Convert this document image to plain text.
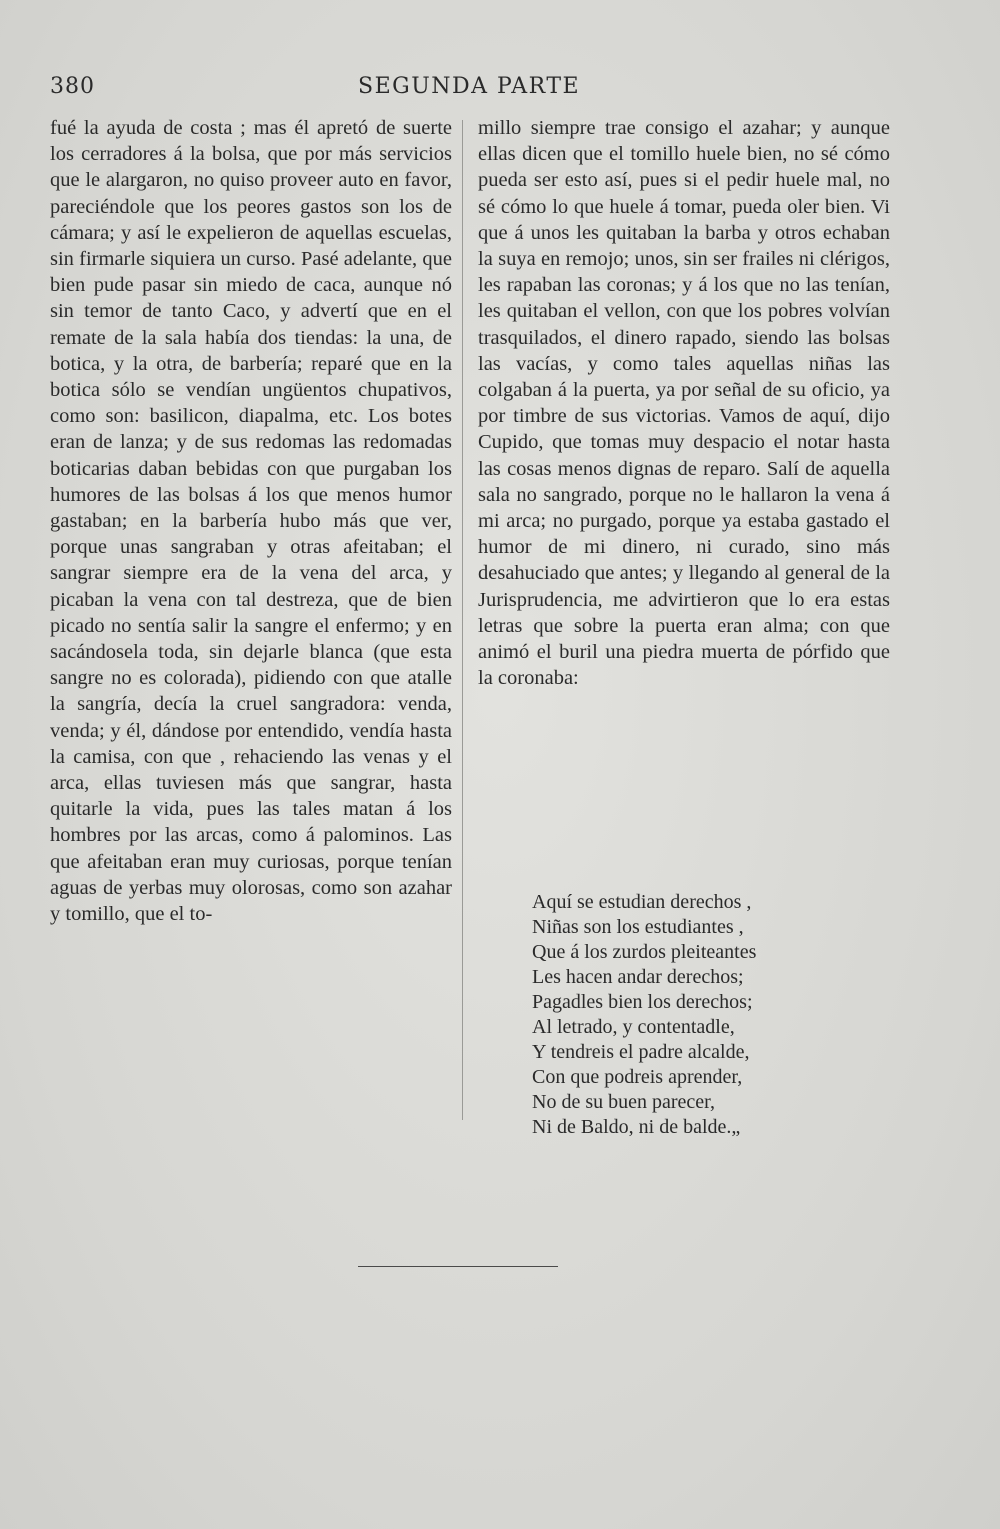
380	SEGUNDA PARTE
fué la ayuda de costa ; mas él apretó de suerte los cerradores á la bolsa, que por más servicios que le alargaron, no quiso proveer auto en favor, pareciéndole que los peores gastos son los de cámara; y así le expelieron de aquellas escuelas, sin firmarle siquiera un curso. Pasé adelante, que bien pude pasar sin miedo de caca, aunque nó sin temor de tanto Caco, y advertí que en el remate de la sala había dos tiendas: la una, de botica, y la otra, de barbería; reparé que en la botica sólo se vendían ungüentos chupativos, como son: basilicon, diapalma, etc. Los botes eran de lanza; y de sus redomas las redomadas boticarias daban bebidas con que purgaban los humores de las bolsas á los que menos humor gastaban; en la barbería hubo más que ver, porque unas sangraban y otras afeitaban; el sangrar siempre era de la vena del arca, y picaban la vena con tal destreza, que de bien picado no sentía salir la sangre el enfermo; y en sacándosela toda, sin dejarle blanca (que esta sangre no es colorada), pidiendo con que atalle la sangría, decía la cruel sangradora: venda, venda; y él, dándose por entendido, vendía hasta la camisa, con que , rehaciendo las venas y el arca, ellas tuviesen más que sangrar, hasta quitarle la vida, pues las tales matan á los hombres por las arcas, como á palominos. Las que afeitaban eran muy curiosas, porque tenían aguas de yerbas muy olorosas, como son azahar y tomillo, que el to-
millo siempre trae consigo el azahar; y aunque ellas dicen que el tomillo huele bien, no sé cómo pueda ser esto así, pues si el pedir huele mal, no sé cómo lo que huele á tomar, pueda oler bien. Vi que á unos les quitaban la barba y otros echaban la suya en remojo; unos, sin ser frailes ni clérigos, les rapaban las coronas; y á los que no las tenían, les quitaban el vellon, con que los pobres volvían trasquilados, el dinero rapado, siendo las bolsas las vacías, y como tales aquellas niñas las colgaban á la puerta, ya por señal de su oficio, ya por timbre de sus victorias. Vamos de aquí, dijo Cupido, que tomas muy despacio el notar hasta las cosas menos dignas de reparo. Salí de aquella sala no sangrado, porque no le hallaron la vena á mi arca; no purgado, porque ya estaba gastado el humor de mi dinero, ni curado, sino más desahuciado que antes; y llegando al general de la Jurisprudencia, me advirtieron que lo era estas letras que sobre la puerta eran alma; con que animó el buril una piedra muerta de pórfido que la coronaba:
Aquí se estudian derechos ,
Niñas son los estudiantes ,
Que á los zurdos pleiteantes
Les hacen andar derechos;
Pagadles bien los derechos;
Al letrado, y contentadle,
Y tendreis el padre alcalde,
Con que podreis aprender,
No de su buen parecer,
Ni de Baldo, ni de balde.„
